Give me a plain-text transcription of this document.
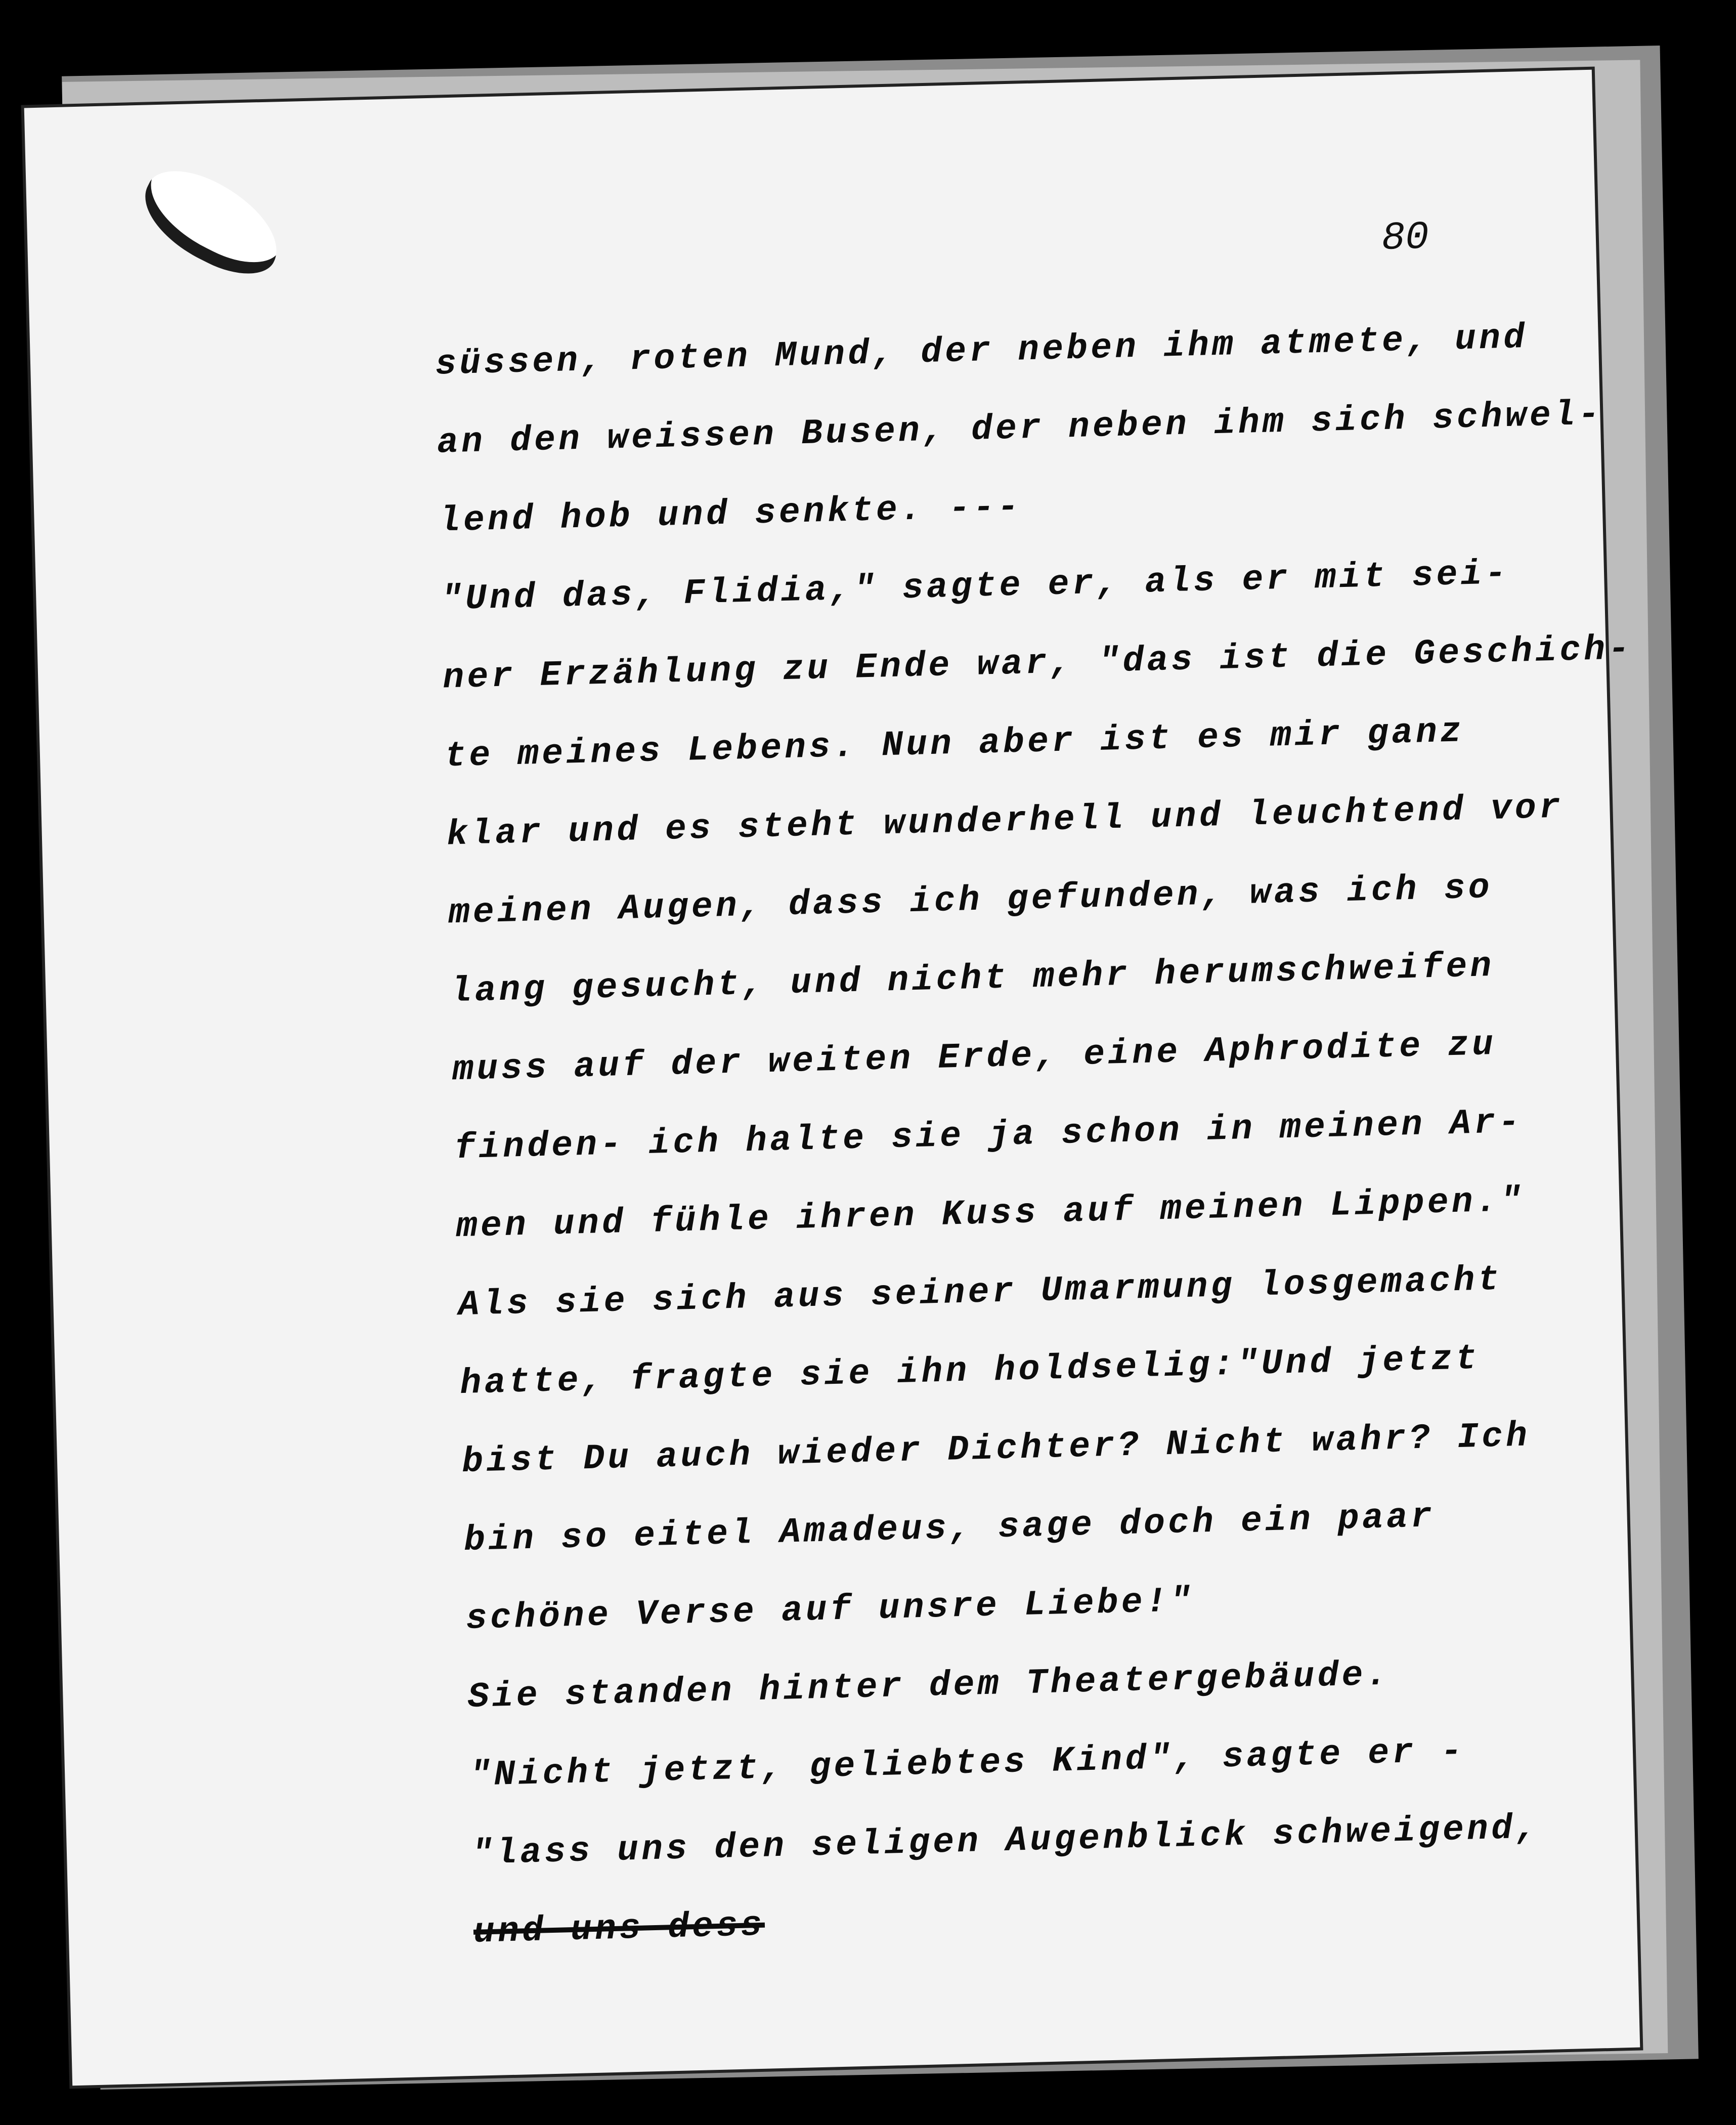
80
süssen, roten Mund, der neben ihm atmete, und
an den weissen Busen, der neben ihm sich schwel-
lend hob und senkte. ---
"Und das, Flidia," sagte er, als er mit sei-
ner Erzählung zu Ende war, "das ist die Geschich-
te meines Lebens. Nun aber ist es mir ganz
klar und es steht wunderhell und leuchtend vor
meinen Augen, dass ich gefunden, was ich so
lang gesucht, und nicht mehr herumschweifen
muss auf der weiten Erde, eine Aphrodite zu
finden- ich halte sie ja schon in meinen Ar-
men und fühle ihren Kuss auf meinen Lippen."
Als sie sich aus seiner Umarmung losgemacht
hatte, fragte sie ihn holdselig:"Und jetzt
bist Du auch wieder Dichter? Nicht wahr? Ich
bin so eitel Amadeus, sage doch ein paar
schöne Verse auf unsre Liebe!"
Sie standen hinter dem Theatergebäude.
"Nicht jetzt, geliebtes Kind", sagte er -
"lass uns den seligen Augenblick schweigend,
und uns dess
